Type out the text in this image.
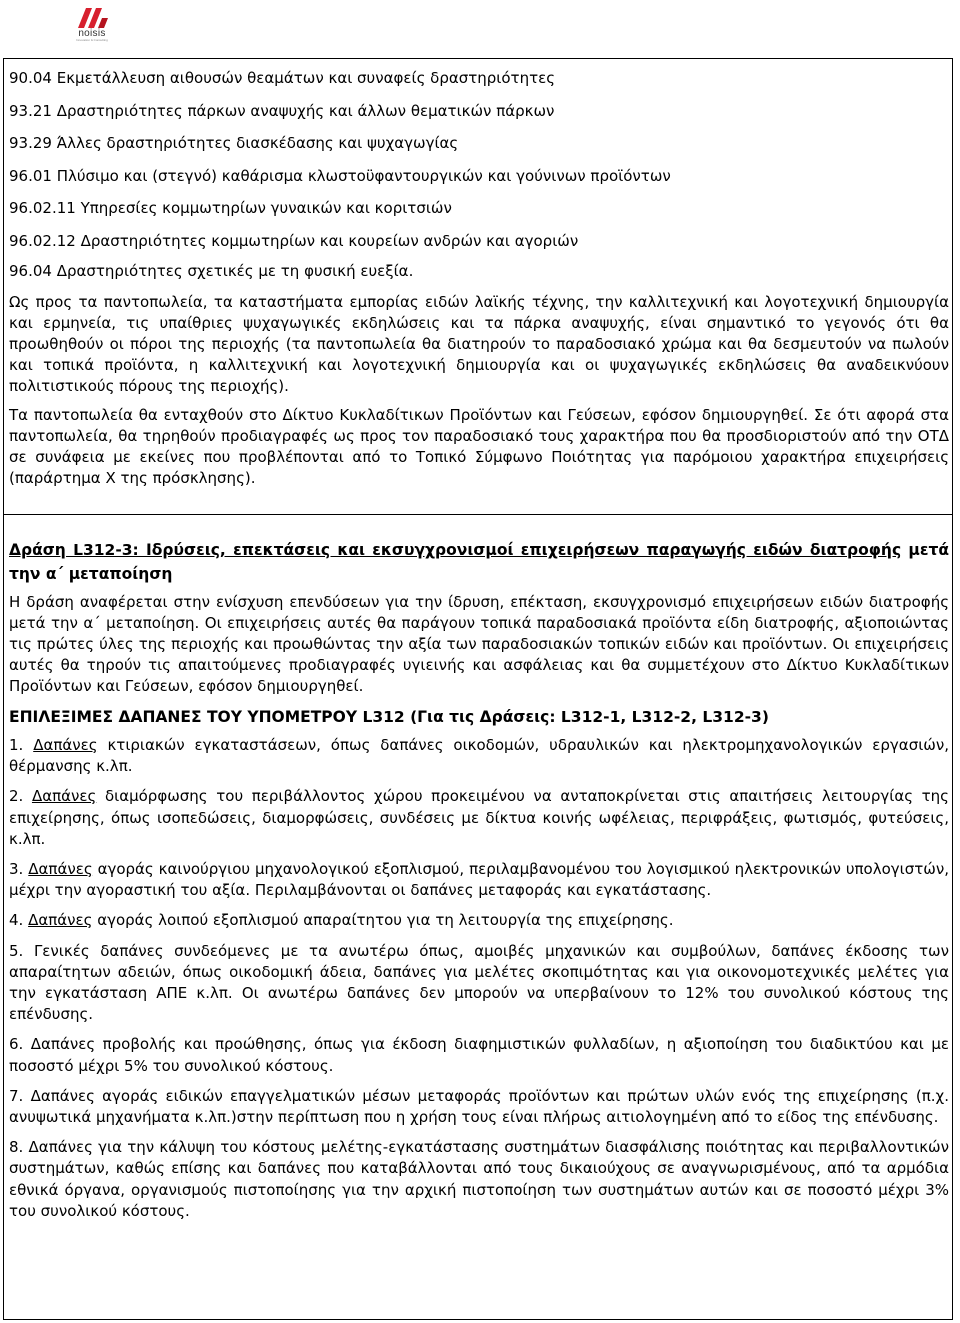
noisis
Innovation & Consulting
90.04 Εκμετάλλευση αιθουσών θεαμάτων και συναφείς δραστηριότητες
93.21 Δραστηριότητες πάρκων αναψυχής και άλλων θεματικών πάρκων
93.29 Άλλες δραστηριότητες διασκέδασης και ψυχαγωγίας
96.01 Πλύσιμο και (στεγνό) καθάρισμα κλωστοϋφαντουργικών και γούνινων προϊόντων
96.02.11 Υπηρεσίες κομμωτηρίων γυναικών και κοριτσιών
96.02.12 Δραστηριότητες κομμωτηρίων και κουρείων ανδρών και αγοριών
96.04 Δραστηριότητες σχετικές με τη φυσική ευεξία.

Ως προς τα παντοπωλεία, τα καταστήματα εμπορίας ειδών λαϊκής τέχνης, την καλλιτεχνική και λογοτεχνική δημιουργία και ερμηνεία, τις υπαίθριες ψυχαγωγικές εκδηλώσεις και τα πάρκα αναψυχής, είναι σημαντικό το γεγονός ότι θα προωθηθούν οι πόροι της περιοχής (τα παντοπωλεία θα διατηρούν το παραδοσιακό χρώμα και θα δεσμευτούν να πωλούν και τοπικά προϊόντα, η καλλιτεχνική και λογοτεχνική δημιουργία και οι ψυχαγωγικές εκδηλώσεις θα αναδεικνύουν πολιτιστικούς πόρους της περιοχής).

Τα παντοπωλεία θα ενταχθούν στο Δίκτυο Κυκλαδίτικων Προϊόντων και Γεύσεων, εφόσον δημιουργηθεί. Σε ότι αφορά στα παντοπωλεία, θα τηρηθούν προδιαγραφές ως προς τον παραδοσιακό τους χαρακτήρα που θα προσδιοριστούν από την ΟΤΔ σε συνάφεια με εκείνες που προβλέπονται από το Τοπικό Σύμφωνο Ποιότητας για παρόμοιου χαρακτήρα επιχειρήσεις (παράρτημα Χ της πρόσκλησης).

Δράση L312-3: Ιδρύσεις, επεκτάσεις και εκσυγχρονισμοί επιχειρήσεων παραγωγής ειδών διατροφής μετά την α΄ μεταποίηση

Η δράση αναφέρεται στην ενίσχυση επενδύσεων για την ίδρυση, επέκταση, εκσυγχρονισμό επιχειρήσεων ειδών διατροφής μετά την α΄ μεταποίηση. Οι επιχειρήσεις αυτές θα παράγουν τοπικά παραδοσιακά προϊόντα είδη διατροφής, αξιοποιώντας τις πρώτες ύλες της περιοχής και προωθώντας την αξία των παραδοσιακών τοπικών ειδών και προϊόντων. Οι επιχειρήσεις αυτές θα τηρούν τις απαιτούμενες προδιαγραφές υγιεινής και ασφάλειας και θα συμμετέχουν στο Δίκτυο Κυκλαδίτικων Προϊόντων και Γεύσεων, εφόσον δημιουργηθεί.

ΕΠΙΛΕΞΙΜΕΣ ΔΑΠΑΝΕΣ ΤΟΥ ΥΠΟΜΕΤΡΟΥ L312 (Για τις Δράσεις: L312-1, L312-2, L312-3)

1. Δαπάνες κτιριακών εγκαταστάσεων, όπως δαπάνες οικοδομών, υδραυλικών και ηλεκτρομηχανολογικών εργασιών, θέρμανσης κ.λπ.

2. Δαπάνες διαμόρφωσης του περιβάλλοντος χώρου προκειμένου να ανταποκρίνεται στις απαιτήσεις λειτουργίας της επιχείρησης, όπως ισοπεδώσεις, διαμορφώσεις, συνδέσεις με δίκτυα κοινής ωφέλειας, περιφράξεις, φωτισμός, φυτεύσεις, κ.λπ.

3. Δαπάνες αγοράς καινούργιου μηχανολογικού εξοπλισμού, περιλαμβανομένου του λογισμικού ηλεκτρονικών υπολογιστών, μέχρι την αγοραστική του αξία. Περιλαμβάνονται οι δαπάνες μεταφοράς και εγκατάστασης.

4. Δαπάνες αγοράς λοιπού εξοπλισμού απαραίτητου για τη λειτουργία της επιχείρησης.

5. Γενικές δαπάνες συνδεόμενες με τα ανωτέρω όπως, αμοιβές μηχανικών και συμβούλων, δαπάνες έκδοσης των απαραίτητων αδειών, όπως οικοδομική άδεια, δαπάνες για μελέτες σκοπιμότητας και για οικονομοτεχνικές μελέτες για την εγκατάσταση ΑΠΕ κ.λπ. Οι ανωτέρω δαπάνες δεν μπορούν να υπερβαίνουν το 12% του συνολικού κόστους της επένδυσης.

6. Δαπάνες προβολής και προώθησης, όπως για έκδοση διαφημιστικών φυλλαδίων, η αξιοποίηση του διαδικτύου και με ποσοστό μέχρι 5% του συνολικού κόστους.

7. Δαπάνες αγοράς ειδικών επαγγελματικών μέσων μεταφοράς προϊόντων και πρώτων υλών ενός της επιχείρησης (π.χ. ανυψωτικά μηχανήματα κ.λπ.)στην περίπτωση που η χρήση τους είναι πλήρως αιτιολογημένη από το είδος της επένδυσης.

8. Δαπάνες για την κάλυψη του κόστους μελέτης-εγκατάστασης συστημάτων διασφάλισης ποιότητας και περιβαλλοντικών συστημάτων, καθώς επίσης και δαπάνες που καταβάλλονται από τους δικαιούχους σε αναγνωρισμένους, από τα αρμόδια εθνικά όργανα, οργανισμούς πιστοποίησης για την αρχική πιστοποίηση των συστημάτων αυτών και σε ποσοστό μέχρι 3% του συνολικού κόστους.
